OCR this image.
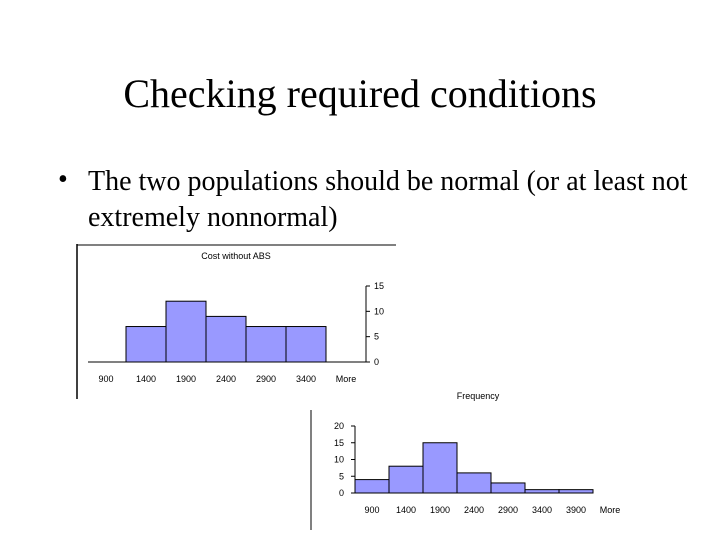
Checking required conditions
• The two populations should be normal (or at least not extremely nonnormal)
Cost without ABS
15
10
5
0
900 1400 1900 2400 2900 3400 More
Frequency
20
15
10
5
0
900 1400 1900 2400 2900 3400 3900 More
